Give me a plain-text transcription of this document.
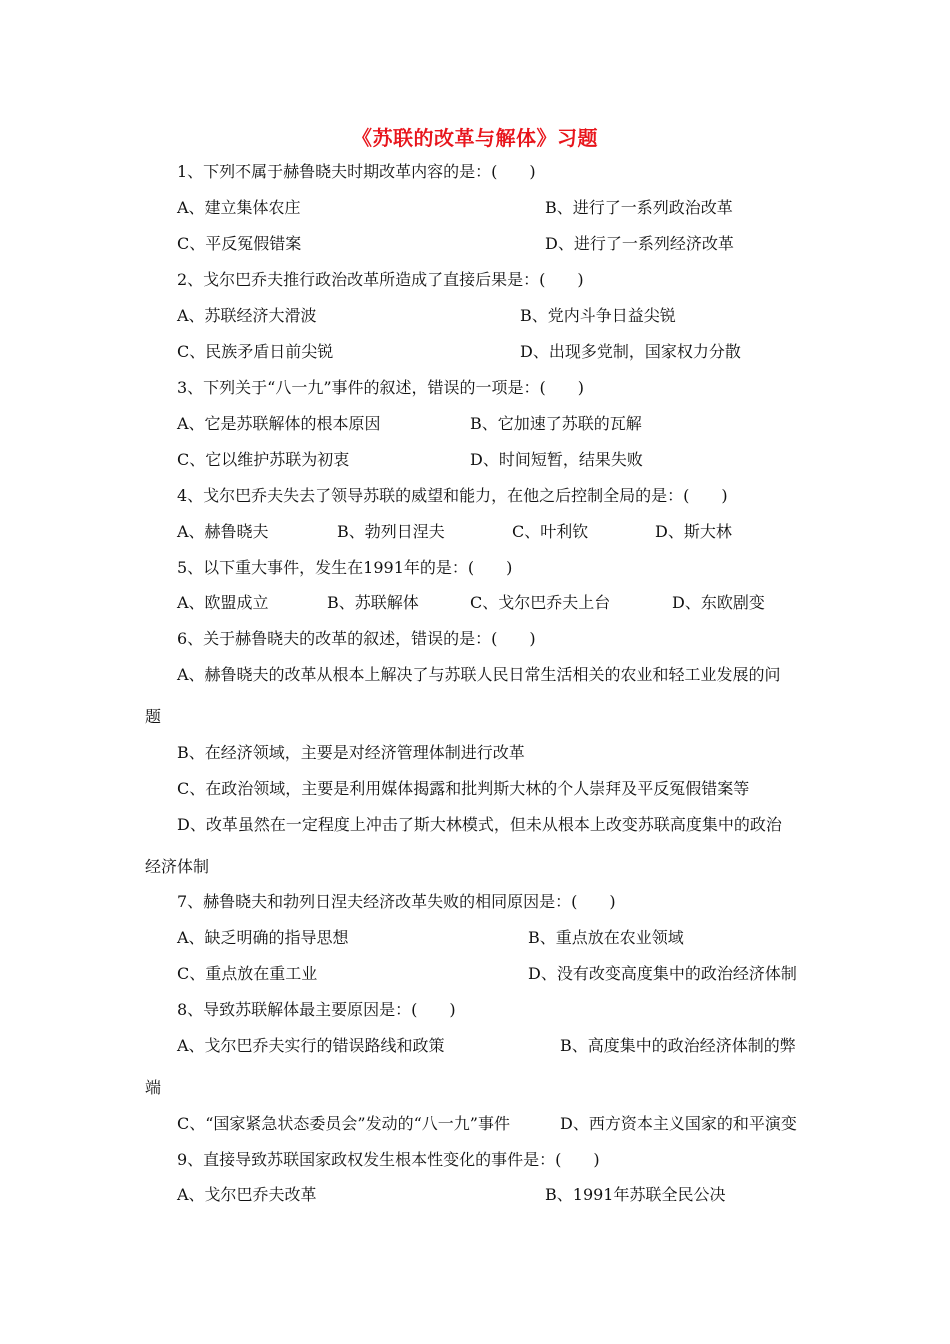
《苏联的改革与解体》习题
1、下列不属于赫鲁晓夫时期改革内容的是：(　　)
A、建立集体农庄	B、进行了一系列政治改革
C、平反冤假错案	D、进行了一系列经济改革
2、戈尔巴乔夫推行政治改革所造成了直接后果是：(　　)
A、苏联经济大滑波	B、党内斗争日益尖锐
C、民族矛盾日前尖锐	D、出现多党制，国家权力分散
3、下列关于“八一九”事件的叙述，错误的一项是：(　　)
A、它是苏联解体的根本原因	B、它加速了苏联的瓦解
C、它以维护苏联为初衷	D、时间短暂，结果失败
4、戈尔巴乔夫失去了领导苏联的威望和能力，在他之后控制全局的是：(　　)
A、赫鲁晓夫	B、勃列日涅夫	C、叶利钦	D、斯大林
5、以下重大事件，发生在1991年的是：(　　)
A、欧盟成立	B、苏联解体	C、戈尔巴乔夫上台	D、东欧剧变
6、关于赫鲁晓夫的改革的叙述，错误的是：(　　)
A、赫鲁晓夫的改革从根本上解决了与苏联人民日常生活相关的农业和轻工业发展的问
题
B、在经济领域，主要是对经济管理体制进行改革
C、在政治领域，主要是利用媒体揭露和批判斯大林的个人崇拜及平反冤假错案等
D、改革虽然在一定程度上冲击了斯大林模式，但未从根本上改变苏联高度集中的政治
经济体制
7、赫鲁晓夫和勃列日涅夫经济改革失败的相同原因是：(　　)
A、缺乏明确的指导思想	B、重点放在农业领域
C、重点放在重工业	D、没有改变高度集中的政治经济体制
8、导致苏联解体最主要原因是：(　　)
A、戈尔巴乔夫实行的错误路线和政策	B、高度集中的政治经济体制的弊
端
C、“国家紧急状态委员会”发动的“八一九”事件	D、西方资本主义国家的和平演变
9、直接导致苏联国家政权发生根本性变化的事件是：(　　)
A、戈尔巴乔夫改革	B、1991年苏联全民公决
